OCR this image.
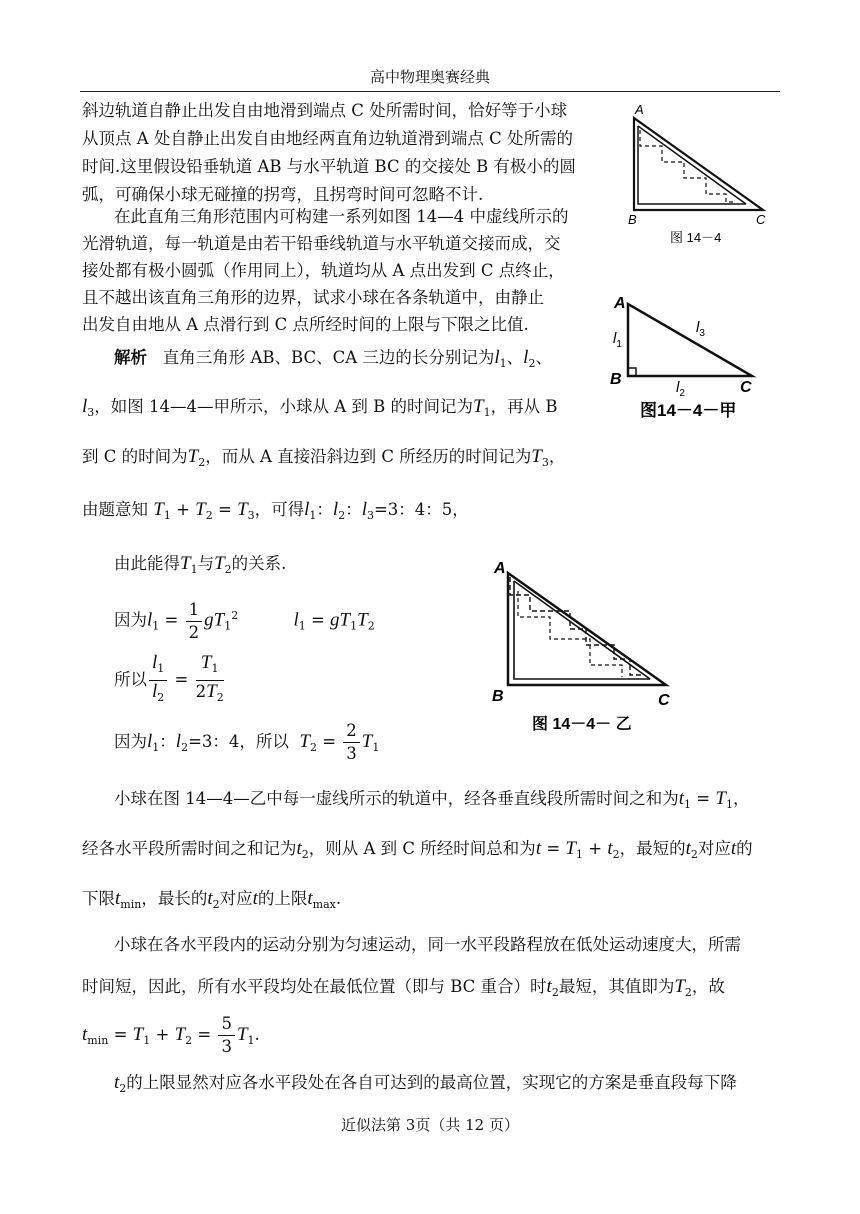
高中物理奥赛经典
斜边轨道自静止出发自由地滑到端点 C 处所需时间，恰好等于小球
从顶点 A 处自静止出发自由地经两直角边轨道滑到端点 C 处所需的
时间.这里假设铅垂轨道 AB 与水平轨道 BC 的交接处 B 有极小的圆
弧，可确保小球无碰撞的拐弯，且拐弯时间可忽略不计.
在此直角三角形范围内可构建一系列如图 14—4 中虚线所示的
光滑轨道，每一轨道是由若干铅垂线轨道与水平轨道交接而成，交
接处都有极小圆弧（作用同上），轨道均从 A 点出发到 C 点终止，
且不越出该直角三角形的边界，试求小球在各条轨道中，由静止
出发自由地从 A 点滑行到 C 点所经时间的上限与下限之比值.
解析 直角三角形 AB、BC、CA 三边的长分别记为$l_1$、$l_2$、
$l_3$，如图 14—4—甲所示，小球从 A 到 B 的时间记为$T_1$，再从 B
到 C 的时间为$T_2$，而从 A 直接沿斜边到 C 所经历的时间记为$T_3$，
由题意知 $T_1 + T_2 = T_3$，可得$l_1$：$l_2$：$l_3=3$：4：5，
由此能得$T_1$与$T_2$的关系.
因为$l_1 = \frac{1}{2} gT_1^2$	$l_1 = gT_1T_2$
所以 $\frac{l_1}{l_2} = \frac{T_1}{2T_2}$
因为$l_1$：$l_2=3$：4，所以 $T_2 = \frac{2}{3} T_1$
小球在图 14—4—乙中每一虚线所示的轨道中，经各垂直线段所需时间之和为$t_1 = T_1$，
经各水平段所需时间之和记为$t_2$，则从 A 到 C 所经时间总和为$t = T_1 + t_2$，最短的$t_2$对应t的
下限$t_{min}$，最长的$t_2$对应t的上限$t_{max}$.
小球在各水平段内的运动分别为匀速运动，同一水平段路程放在低处运动速度大，所需
时间短，因此，所有水平段均处在最低位置（即与 BC 重合）时$t_2$最短，其值即为$T_2$，故
$t_{min} = T_1 + T_2 = \frac{5}{3} T_1$.
$t_2$的上限显然对应各水平段处在各自可达到的最高位置，实现它的方案是垂直段每下降
近似法第 3页（共 12 页）
A
B	C
图 14－4
A
B	C
$l_1$
$l_3$
$l_2$
图14－4－甲
A
B	C
图 14－4－ 乙
